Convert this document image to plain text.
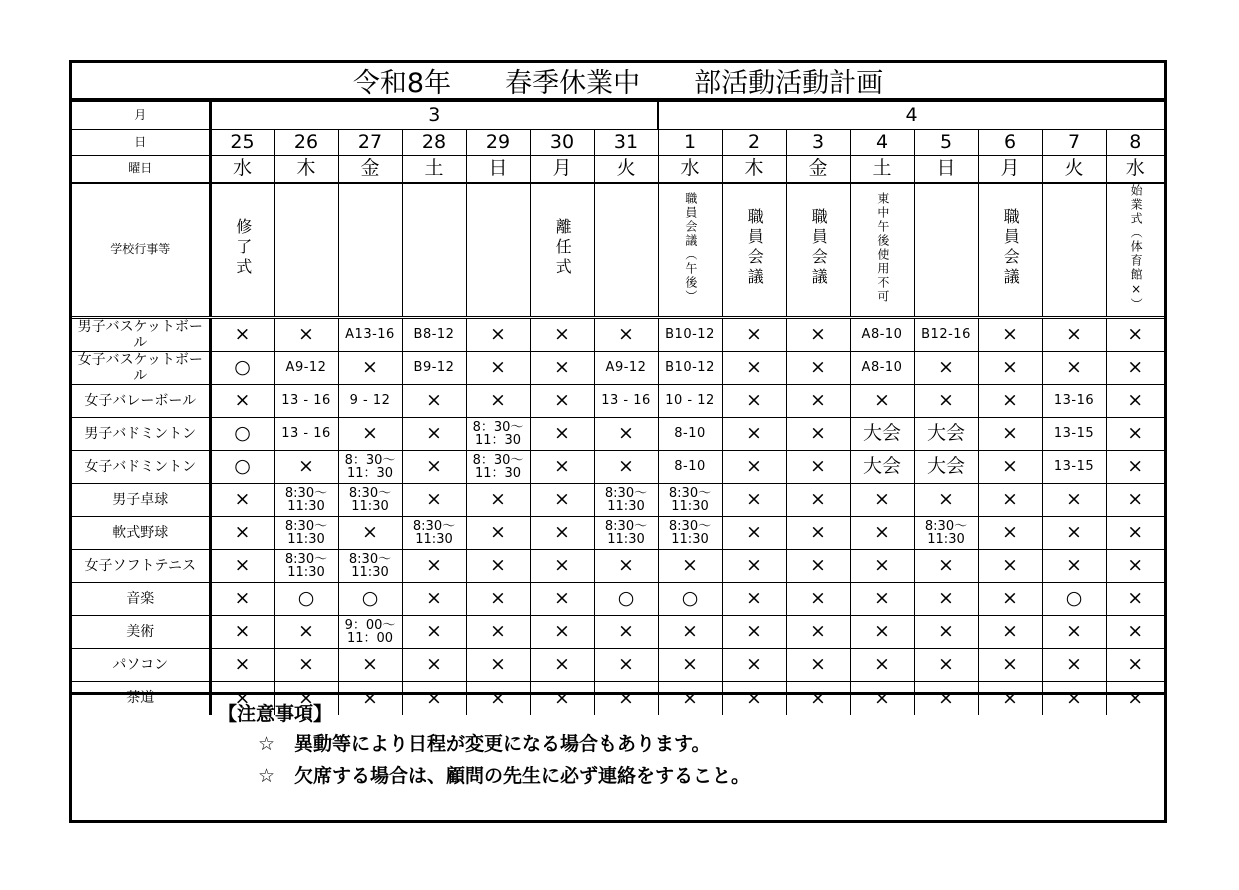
令和8年　　春季休業中　　部活動活動計画
月	3							4							
日	25	26	27	28	29	30	31	1	2	3	4	5	6	7	8
曜日	水	木	金	土	日	月	火	水	木	金	土	日	月	火	水
学校行事等	修了式					離任式		職員会議（午後）	職員会議	職員会議	東中午後使用不可		職員会議		始業式（体育館×）
男子バスケットボール	×	×	A13-16	B8-12	×	×	×	B10-12	×	×	A8-10	B12-16	×	×	×
女子バスケットボール	○	A9-12	×	B9-12	×	×	A9-12	B10-12	×	×	A8-10	×	×	×	×
女子バレーボール	×	13 - 16	9 - 12	×	×	×	13 - 16	10 - 12	×	×	×	×	×	13-16	×
男子バドミントン	○	13 - 16	×	×	8：30～
11：30	×	×	8-10	×	×	大会	大会	×	13-15	×
女子バドミントン	○	×	8：30～
11：30	×	8：30～
11：30	×	×	8-10	×	×	大会	大会	×	13-15	×
男子卓球	×	8:30～
11:30	8:30～
11:30	×	×	×	8:30～
11:30	8:30～
11:30	×	×	×	×	×	×	×
軟式野球	×	8:30～
11:30	×	8:30～
11:30	×	×	8:30～
11:30	8:30～
11:30	×	×	×	8:30～
11:30	×	×	×
女子ソフトテニス	×	8:30～
11:30	8:30～
11:30	×	×	×	×	×	×	×	×	×	×	×	×
音楽	×	○	○	×	×	×	○	○	×	×	×	×	×	○	×
美術	×	×	9：00～
11：00	×	×	×	×	×	×	×	×	×	×	×	×
パソコン	×	×	×	×	×	×	×	×	×	×	×	×	×	×	×
茶道	×	×	×	×	×	×	×	×	×	×	×	×	×	×	×
【注意事項】
☆　異動等により日程が変更になる場合もあります。
☆　欠席する場合は、顧問の先生に必ず連絡をすること。
